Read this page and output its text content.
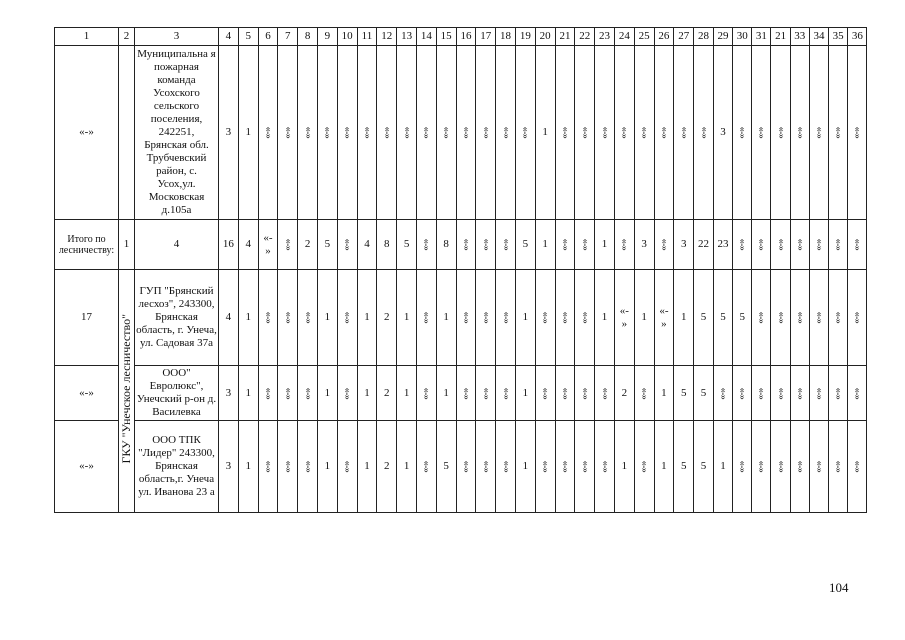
1	2	3	4	5	6	7	8	9	10	11	12	13	14	15	16	17	18	19	20	21	22	23	24	25	26	27	28	29	30	31	21	33	34	35	36
«-»		Муниципальна я пожарная команда Усохского сельского поселения, 242251, Брянская обл. Трубчевский район, с. Усох,ул. Московская д.105а	3	1	«-»	«-»	«-»	«-»	«-»	«-»	«-»	«-»	«-»	«-»	«-»	«-»	«-»	«-»	1	«-»	«-»	«-»	«-»	«-»	«-»	«-»	«-»	3	«-»	«-»	«-»	«-»	«-»	«-»	«-»
Итого по лесничеству:	1	4	16	4	«- »	«-»	2	5	«-»	4	8	5	«-»	8	«-»	«-»	«-»	5	1	«-»	«-»	1	«-»	3	«-»	3	22	23	«-»	«-»	«-»	«-»	«-»	«-»	«-»
17	ГКУ "Унечское лесничество"	ГУП "Брянский лесхоз", 243300, Брянская область, г. Унеча, ул. Садовая 37а	4	1	«-»	«-»	«-»	1	«-»	1	2	1	«-»	1	«-»	«-»	«-»	1	«-»	«-»	«-»	1	«- »	1	«- »	1	5	5	5	«-»	«-»	«-»	«-»	«-»	«-»
«-»		ООО" Евролюкс", Унечский р-он д. Василевка	3	1	«-»	«-»	«-»	1	«-»	1	2	1	«-»	1	«-»	«-»	«-»	1	«-»	«-»	«-»	«-»	2	«-»	1	5	5	«-»	«-»	«-»	«-»	«-»	«-»	«-»	«-»
«-»		ООО ТПК "Лидер" 243300, Брянская область,г. Унеча ул. Иванова 23 а	3	1	«-»	«-»	«-»	1	«-»	1	2	1	«-»	5	«-»	«-»	«-»	1	«-»	«-»	«-»	«-»	1	«-»	1	5	5	1	«-»	«-»	«-»	«-»	«-»	«-»	«-»
104
